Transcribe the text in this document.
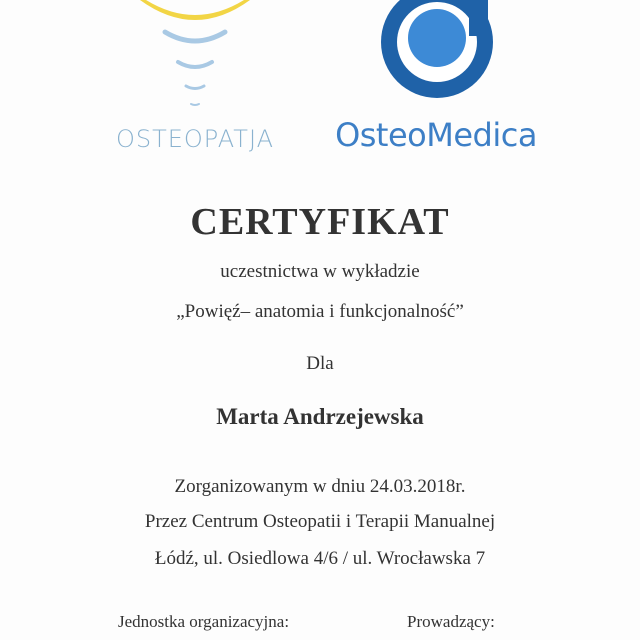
OSTEOPATJA	OsteoMedica
CERTYFIKAT
uczestnictwa w wykładzie
„Powięź– anatomia i funkcjonalność”
Dla
Marta Andrzejewska
Zorganizowanym w dniu 24.03.2018r.
Przez Centrum Osteopatii i Terapii Manualnej
Łódź, ul. Osiedlowa 4/6 / ul. Wrocławska 7
Jednostka organizacyjna:	Prowadzący:
